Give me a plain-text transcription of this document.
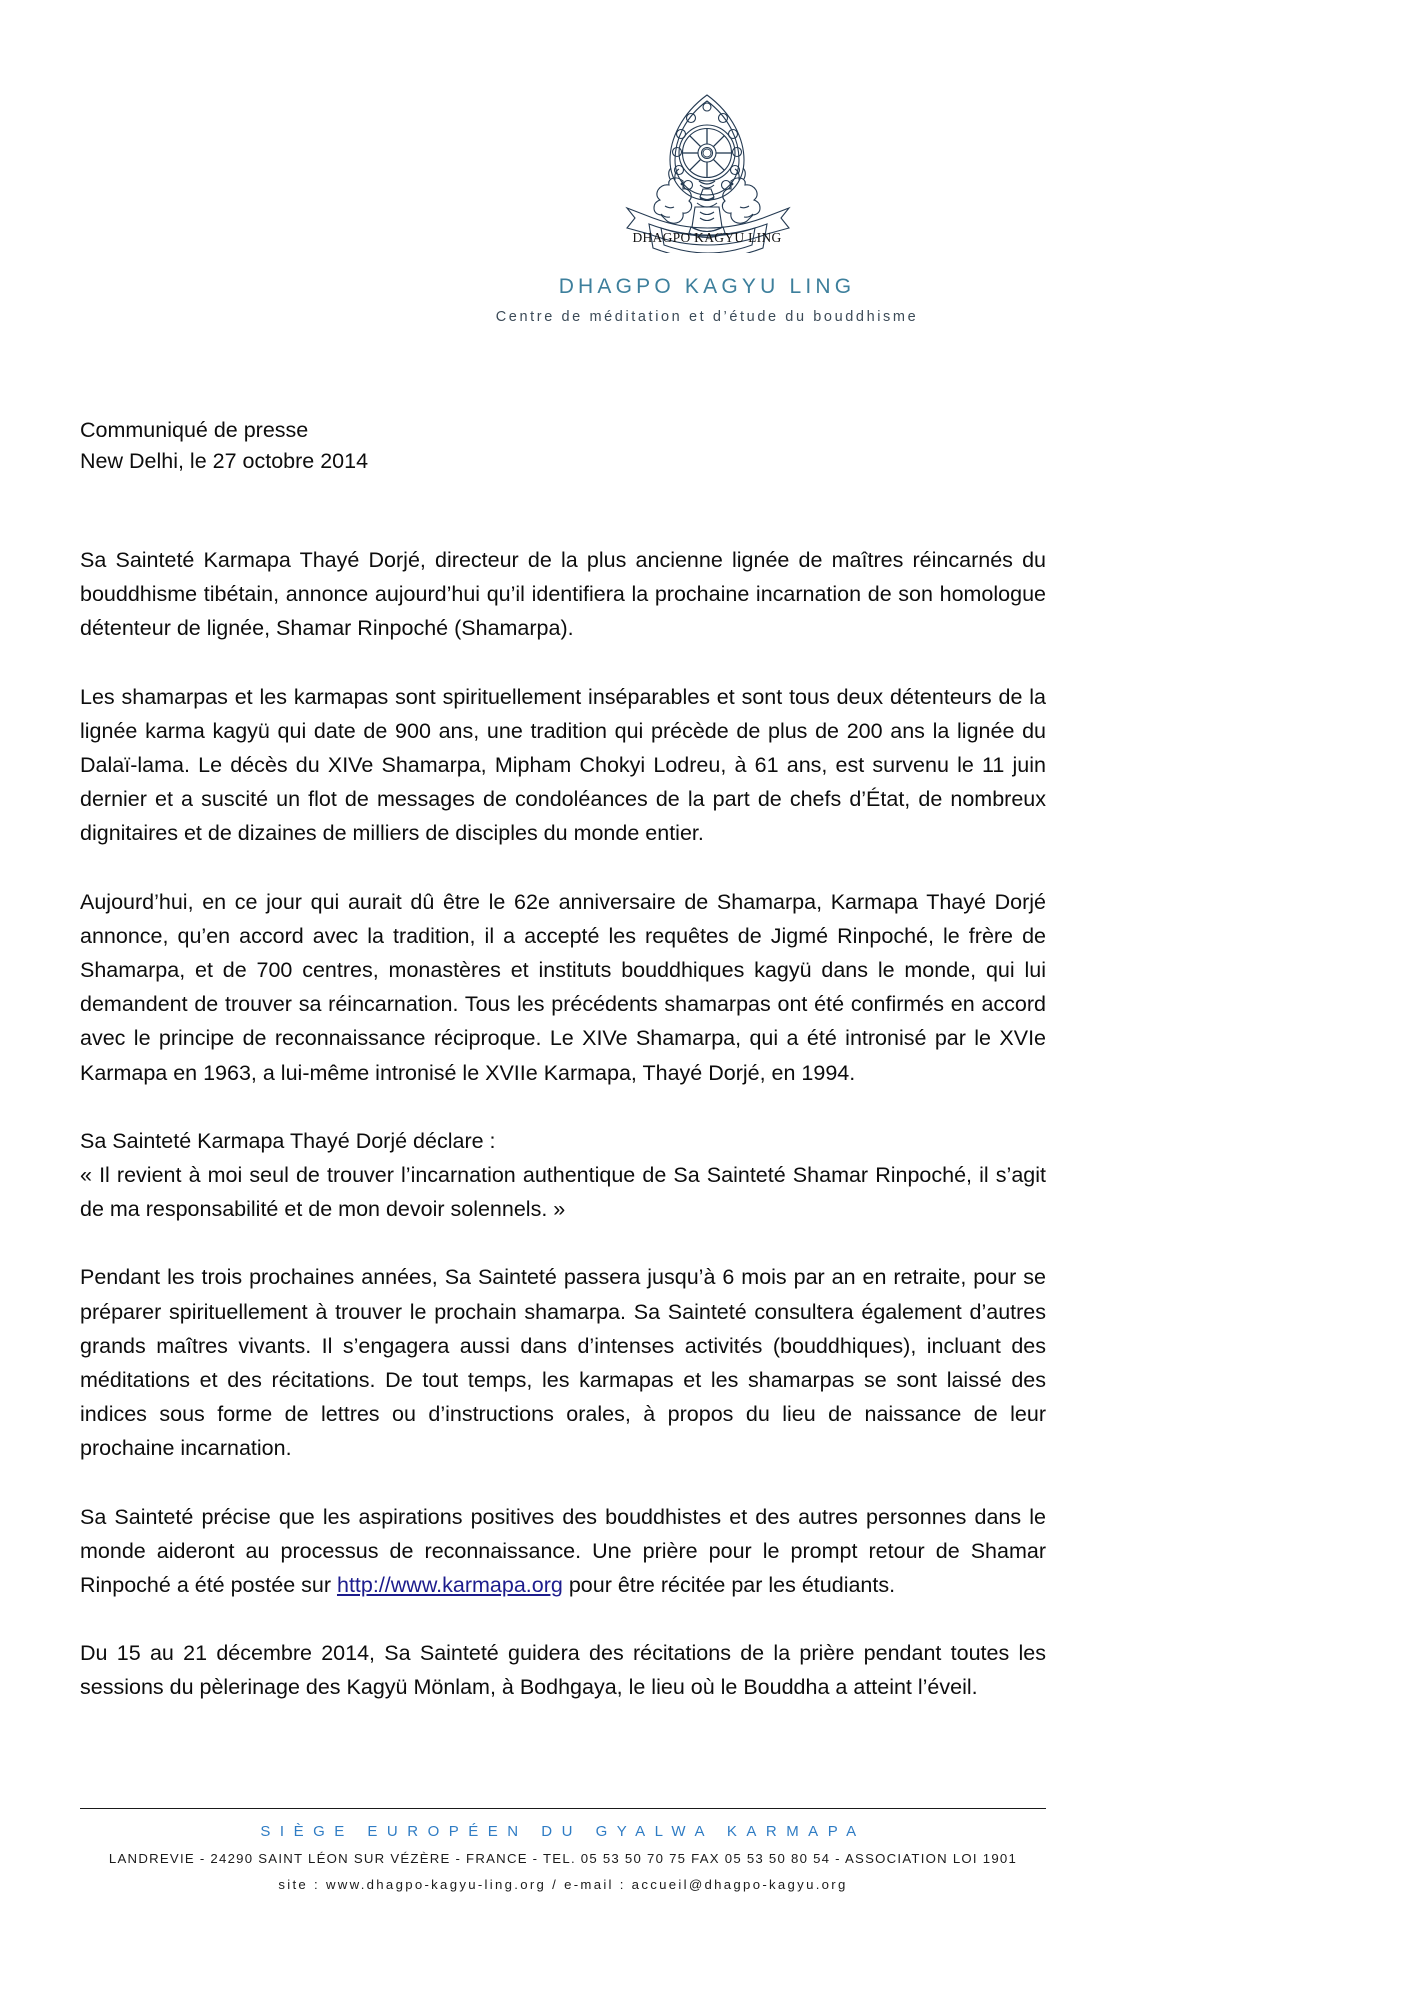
DHAGPO KAGYU LING
DHAGPO KAGYU LING
Centre de méditation et d’étude du bouddhisme
Communiqué de presse
New Delhi, le 27 octobre 2014

Sa Sainteté Karmapa Thayé Dorjé, directeur de la plus ancienne lignée de maîtres réincarnés du bouddhisme tibétain, annonce aujourd’hui qu’il identifiera la prochaine incarnation de son homologue détenteur de lignée, Shamar Rinpoché (Shamarpa).

Les shamarpas et les karmapas sont spirituellement inséparables et sont tous deux détenteurs de la lignée karma kagyü qui date de 900 ans, une tradition qui précède de plus de 200 ans la lignée du Dalaï-lama. Le décès du XIVe Shamarpa, Mipham Chokyi Lodreu, à 61 ans, est survenu le 11 juin dernier et a suscité un flot de messages de condoléances de la part de chefs d’État, de nombreux dignitaires et de dizaines de milliers de disciples du monde entier.

Aujourd’hui, en ce jour qui aurait dû être le 62e anniversaire de Shamarpa, Karmapa Thayé Dorjé annonce, qu’en accord avec la tradition, il a accepté les requêtes de Jigmé Rinpoché, le frère de Shamarpa, et de 700 centres, monastères et instituts bouddhiques kagyü dans le monde, qui lui demandent de trouver sa réincarnation. Tous les précédents shamarpas ont été confirmés en accord avec le principe de reconnaissance réciproque. Le XIVe Shamarpa, qui a été intronisé par le XVIe Karmapa en 1963, a lui-même intronisé le XVIIe Karmapa, Thayé Dorjé, en 1994.

Sa Sainteté Karmapa Thayé Dorjé déclare :

« Il revient à moi seul de trouver l’incarnation authentique de Sa Sainteté Shamar Rinpoché, il s’agit de ma responsabilité et de mon devoir solennels. »

Pendant les trois prochaines années, Sa Sainteté passera jusqu’à 6 mois par an en retraite, pour se préparer spirituellement à trouver le prochain shamarpa. Sa Sainteté consultera également d’autres grands maîtres vivants. Il s’engagera aussi dans d’intenses activités (bouddhiques), incluant des méditations et des récitations. De tout temps, les karmapas et les shamarpas se sont laissé des indices sous forme de lettres ou d’instructions orales, à propos du lieu de naissance de leur prochaine incarnation.

Sa Sainteté précise que les aspirations positives des bouddhistes et des autres personnes dans le monde aideront au processus de reconnaissance. Une prière pour le prompt retour de Shamar Rinpoché a été postée sur http://www.karmapa.org pour être récitée par les étudiants.

Du 15 au 21 décembre 2014, Sa Sainteté guidera des récitations de la prière pendant toutes les sessions du pèlerinage des Kagyü Mönlam, à Bodhgaya, le lieu où le Bouddha a atteint l’éveil.

SIÈGE EUROPÉEN DU GYALWA KARMAPA
LANDREVIE - 24290 SAINT LÉON SUR VÉZÈRE - FRANCE - TEL. 05 53 50 70 75 FAX 05 53 50 80 54 - ASSOCIATION LOI 1901
site : www.dhagpo-kagyu-ling.org / e-mail : accueil@dhagpo-kagyu.org
